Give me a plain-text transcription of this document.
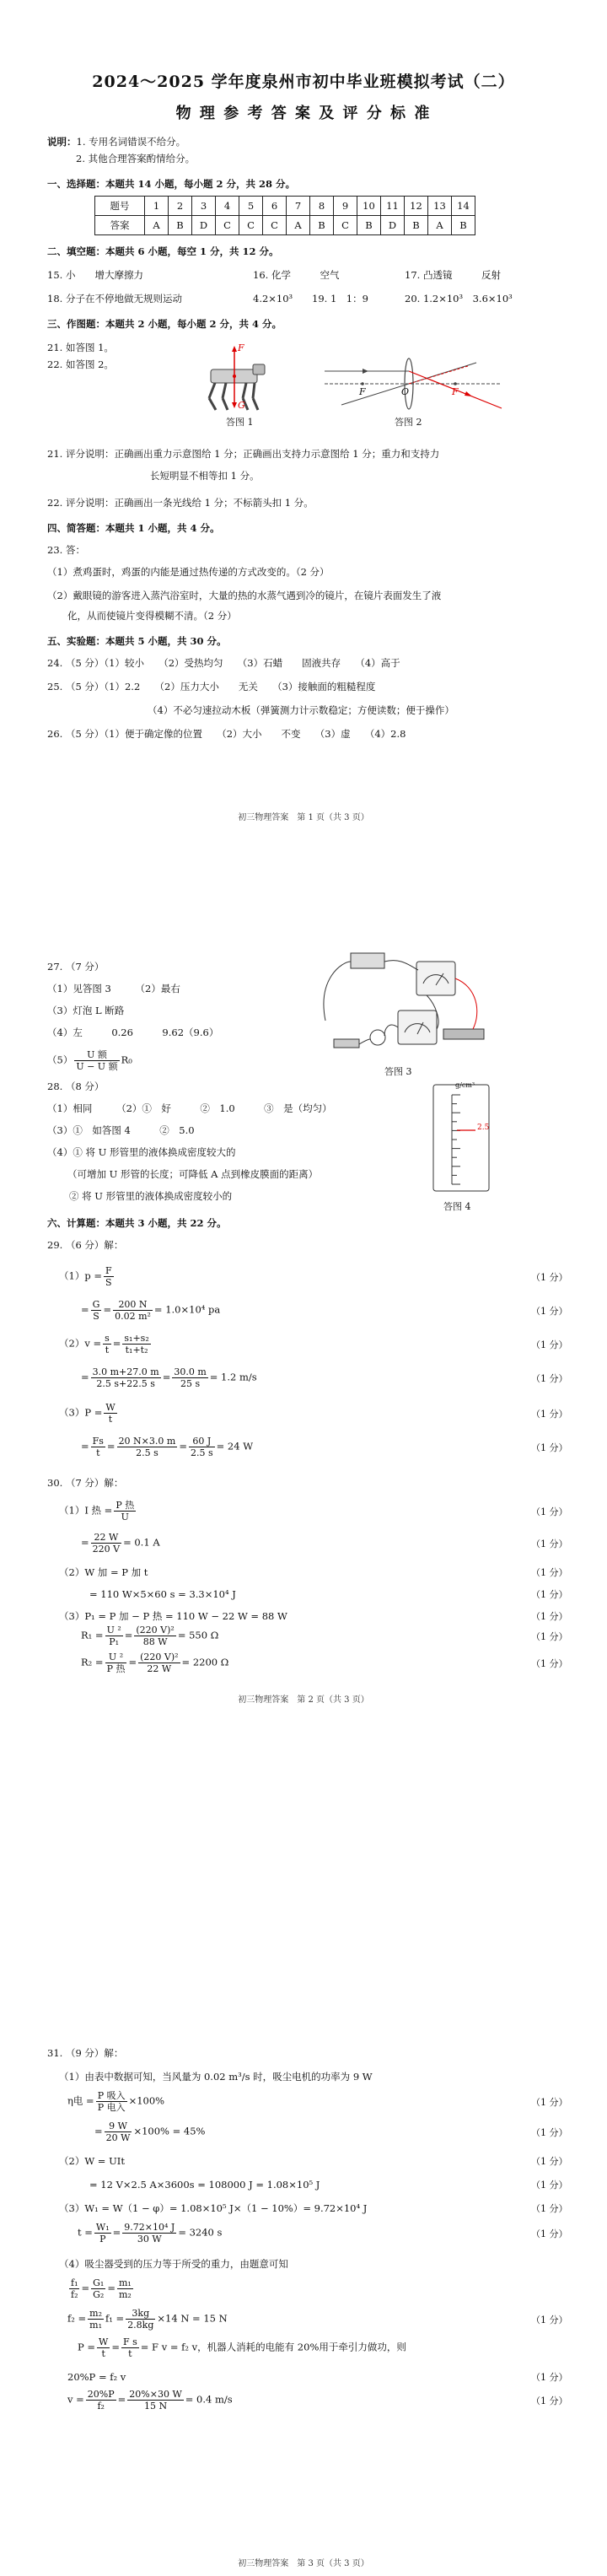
2024～2025 学年度泉州市初中毕业班模拟考试（二）
物 理 参 考 答 案 及 评 分 标 准
说明：1. 专用名词错误不给分。
2. 其他合理答案酌情给分。
一、选择题：本题共 14 小题，每小题 2 分，共 28 分。
题号	1	2	3	4	5	6	7	8	9	10	11	12	13	14
答案	A	B	D	C	C	C	A	B	C	B	D	B	A	B
二、填空题：本题共 6 小题，每空 1 分，共 12 分。
15. 小　　增大摩擦力	16. 化学　　　空气	17. 凸透镜　　　反射
18. 分子在不停地做无规则运动	4.2×10³ 19. 1　1：9	20. 1.2×10³　3.6×10³
三、作图题：本题共 2 小题，每小题 2 分，共 4 分。
21. 如答图 1。
22. 如答图 2。
F
G
答图 1
F	O	F
答图 2
21. 评分说明：正确画出重力示意图给 1 分；正确画出支持力示意图给 1 分；重力和支持力
长短明显不相等扣 1 分。
22. 评分说明：正确画出一条光线给 1 分；不标箭头扣 1 分。
四、简答题：本题共 1 小题，共 4 分。
23. 答：
（1）煮鸡蛋时，鸡蛋的内能是通过热传递的方式改变的。（2 分）
（2）戴眼镜的游客进入蒸汽浴室时，大量的热的水蒸气遇到冷的镜片，在镜片表面发生了液
化，从而使镜片变得模糊不清。（2 分）
五、实验题：本题共 5 小题，共 30 分。
24. （5 分）（1）较小　　（2）受热均匀　　（3）石蜡　　固液共存　　（4）高于
25. （5 分）（1）2.2　　（2）压力大小　　无关　　（3）接触面的粗糙程度
（4）不必匀速拉动木板（弹簧测力计示数稳定；方便读数；便于操作）
26. （5 分）（1）便于确定像的位置　　（2）大小　　不变　　（3）虚　　（4）2.8
初三物理答案　第 1 页（共 3 页）
27. （7 分）
（1）见答图 3　　　（2）最右
（3）灯泡 L 断路
（4）左　　　0.26　　　9.62（9.6）
$(5) \frac{\text{U 额}}{\text{U − U 额}} R_0$
答图 3
28. （8 分）
（1）相同　　　（2）①　好　　　②　1.0　　　③　是（均匀）
（3）①　如答图 4　　　②　5.0
（4）① 将 U 形管里的液体换成密度较大的
（可增加 U 形管的长度；可降低 A 点到橡皮膜面的距离）
② 将 U 形管里的液体换成密度较小的
g/cm³
2.5
答图 4
六、计算题：本题共 3 小题，共 22 分。
29. （6 分）解：
$(1)p = \frac{F}{S}$	（1 分）
= $\frac{G}{S} = \frac{200 N}{\text{0.02 m²}} = 1.0\times 10^4$ pa	（1 分）
$(2)v = \frac{s}{t} = \frac{\text{s₁+s₂}}{\text{t₁+t₂}}$	（1 分）
= $\frac{3.0 m+27.0 m}{2.5 s+22.5 s} = \frac{30.0 m}{25 s} = 1.2$ m/s	（1 分）
$(3)P = \frac{W}{t}$	（1 分）
= $\frac{Fs}{t} = \frac{20 N\times 3.0 m}{2.5 s} = \frac{60 J}{2.5 s} = 24$ W	（1 分）
30. （7 分）解：
（1）I 热 = $\frac{\text{P 热}}{U}$	（1 分）
= $\frac{22 W}{220 V} = 0.1$ A	（1 分）
（2）W 加 = P 加 t	（1 分）
= 110 W×5×60 s = 3.3×10⁴ J	（1 分）
（3）P₁ = P 加 − P 热 = 110 W − 22 W = 88 W	（1 分）
$R_1 = \frac{\text{U ²}}{\text{P₁}} = \frac{\text{(220 V)²}}{88 W} = 550$ Ω	（1 分）
$R_2 = \frac{\text{U ²}}{\text{P 热}} = \frac{\text{(220 V)²}}{22 W} = 2200$ Ω	（1 分）
初三物理答案　第 2 页（共 3 页）
31. （9 分）解：
（1）由表中数据可知，当风量为 0.02 m³/s 时，吸尘电机的功率为 9 W
η电 = $\frac{\text{P 吸入}}{\text{P 电入}} \times 100\%$	（1 分）
= $\frac{9 W}{20 W} \times 100\% = 45\%$	（1 分）
（2）W = UIt	（1 分）
= 12 V×2.5 A×3600s = 108000 J = 1.08×10⁵ J	（1 分）
（3）W₁ = W（1 − φ）= 1.08×10⁵ J×（1 − 10%）= 9.72×10⁴ J	（1 分）
$t = \frac{\text{W₁}}{P} = \frac{\text{9.72×10⁴ J}}{30 W} = 3240$ s	（1 分）
（4）吸尘器受到的压力等于所受的重力，由题意可知
$\frac{\text{f₁}}{\text{f₂}} = \frac{\text{G₁}}{\text{G₂}} = \frac{\text{m₁}}{\text{m₂}}$
$f_2 = \frac{\text{m₂}}{\text{m₁}} f_1 = \frac{3kg}{2.8kg} \times 14$ N = 15 N	（1 分）
$P = \frac{W}{t} = \frac{\text{F s}}{t} = F$ v = f₂ v，机器人消耗的电能有 20%用于牵引力做功，则
20%P = f₂ v	（1 分）
$v = \frac{20\%P}{\text{f₂}} = \frac{20\%\times 30 W}{15 N} = 0.4$ m/s	（1 分）
初三物理答案　第 3 页（共 3 页）
